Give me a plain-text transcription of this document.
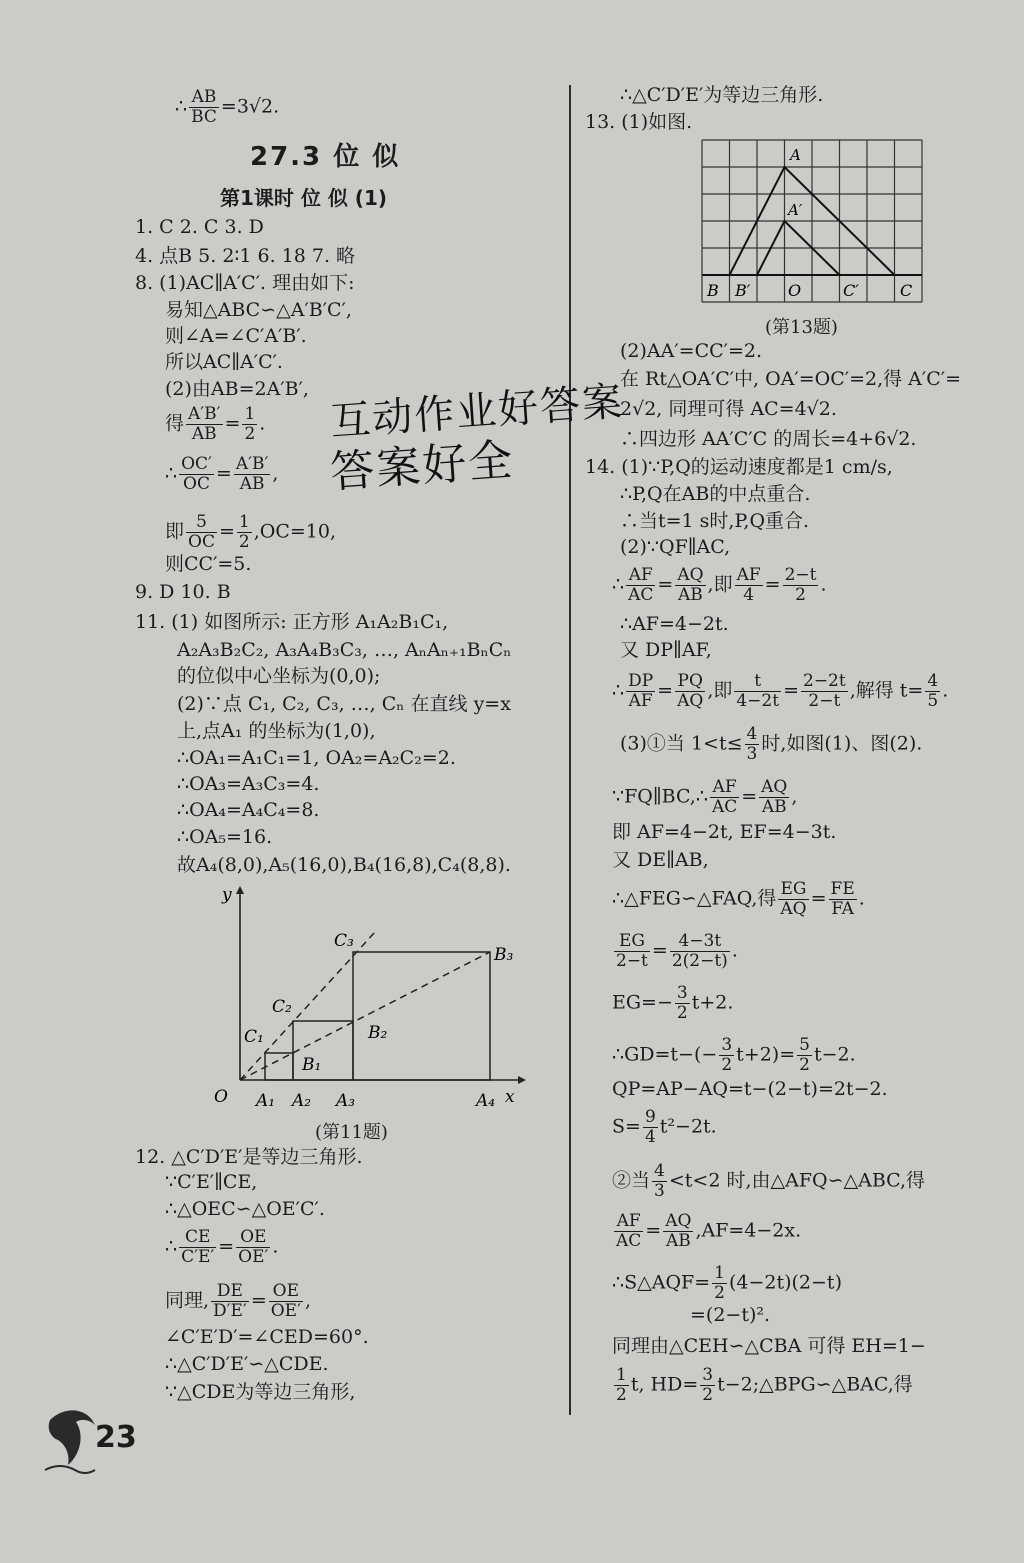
∴ $\frac{AB}{BC} =3√2$.
27.3 位 似
第1课时 位 似 (1)
1. C 2. C 3. D
4. 点B 5. 2∶1 6. 18 7. 略
8. (1)AC∥A′C′. 理由如下:
易知△ABC∽△A′B′C′,
则∠A=∠C′A′B′.
所以AC∥A′C′.
(2)由AB=2A′B′,
得 $\frac{A'B'}{AB} = \frac{1}{2}$ .
∴ $\frac{OC'}{OC} = \frac{A'B'}{AB}$ ,
即 $\frac{5}{OC} = \frac{1}{2} ,OC=10$,
则CC′=5.
互动作业好答案
答案好全
9. D 10. B
11. (1) 如图所示: 正方形 A₁A₂B₁C₁,
A₂A₃B₂C₂, A₃A₄B₃C₃, …, AₙAₙ₊₁BₙCₙ
的位似中心坐标为(0,0);
(2)∵点 C₁, C₂, C₃, …, Cₙ 在直线 y=x
上,点A₁ 的坐标为(1,0),
∴OA₁=A₁C₁=1, OA₂=A₂C₂=2.
∴OA₃=A₃C₃=4.
∴OA₄=A₄C₄=8.
∴OA₅=16.
故A₄(8,0),A₅(16,0),B₄(16,8),C₄(8,8).
y
x
O A₁ A₂ A₃	A₄
B₁
B₂
B₃
C₁
C₂
C₃
(第11题)
12. △C′D′E′是等边三角形.
∵C′E′∥CE,
∴△OEC∽△OE′C′.
∴ $\frac{CE}{C'E'} = \frac{OE}{OE'}$ .
同理, $\frac{DE}{D'E'} = \frac{OE}{OE'}$ ,
∠C′E′D′=∠CED=60°.
∴△C′D′E′∽△CDE.
∵△CDE为等边三角形,
23
∴△C′D′E′为等边三角形.
13. (1)如图.
A
A′
B B′ O	C′	C
(第13题)
(2)AA′=CC′=2.
在 Rt△OA′C′中, OA′=OC′=2,得 A′C′=
2√2, 同理可得 AC=4√2.
∴四边形 AA′C′C 的周长=4+6√2.
14. (1)∵P,Q的运动速度都是1 cm/s,
∴P,Q在AB的中点重合.
∴当t=1 s时,P,Q重合.
(2)∵QF∥AC,
∴ $\frac{AF}{AC} = \frac{AQ}{AB}$ ,即 $\frac{AF}{4} = \frac{2-t}{2}$ .
∴AF=4−2t.
又 DP∥AF,
∴ $\frac{DP}{AF} = \frac{PQ}{AQ}$ ,即 $\frac{t}{4-2t} = \frac{2-2t}{2-t}$ ,解得 $t= \frac{4}{5}$ .
(3)①当 $1<t\le \frac{4}{3}$ 时,如图(1)、图(2).
∵FQ∥BC,∴ $\frac{AF}{AC} = \frac{AQ}{AB}$ ,
即 AF=4−2t, EF=4−3t.
又 DE∥AB,
∴△FEG∽△FAQ,得 $\frac{EG}{AQ} = \frac{FE}{FA}$ .
$\frac{EG}{2-t} = \frac{4-3t}{2(2-t)}$ .
$EG=- \frac{3}{2} t+2$.
∴GD=t−(− $\frac{3}{2} t+2)= \frac{5}{2} t-2$.
QP=AP−AQ=t−(2−t)=2t−2.
$S= \frac{9}{4} t^2-2t$.
②当 $\frac{4}{3} <t<2$ 时,由△AFQ∽△ABC,得
$\frac{AF}{AC} = \frac{AQ}{AB} ,AF=4-2x$.
∴S△AQF= $\frac{1}{2} (4-2t)(2-t)$
=(2−t)².
同理由△CEH∽△CBA 可得 EH=1−
$\frac{1}{2} t$, $HD= \frac{3}{2}$ t−2;△BPG∽△BAC,得
